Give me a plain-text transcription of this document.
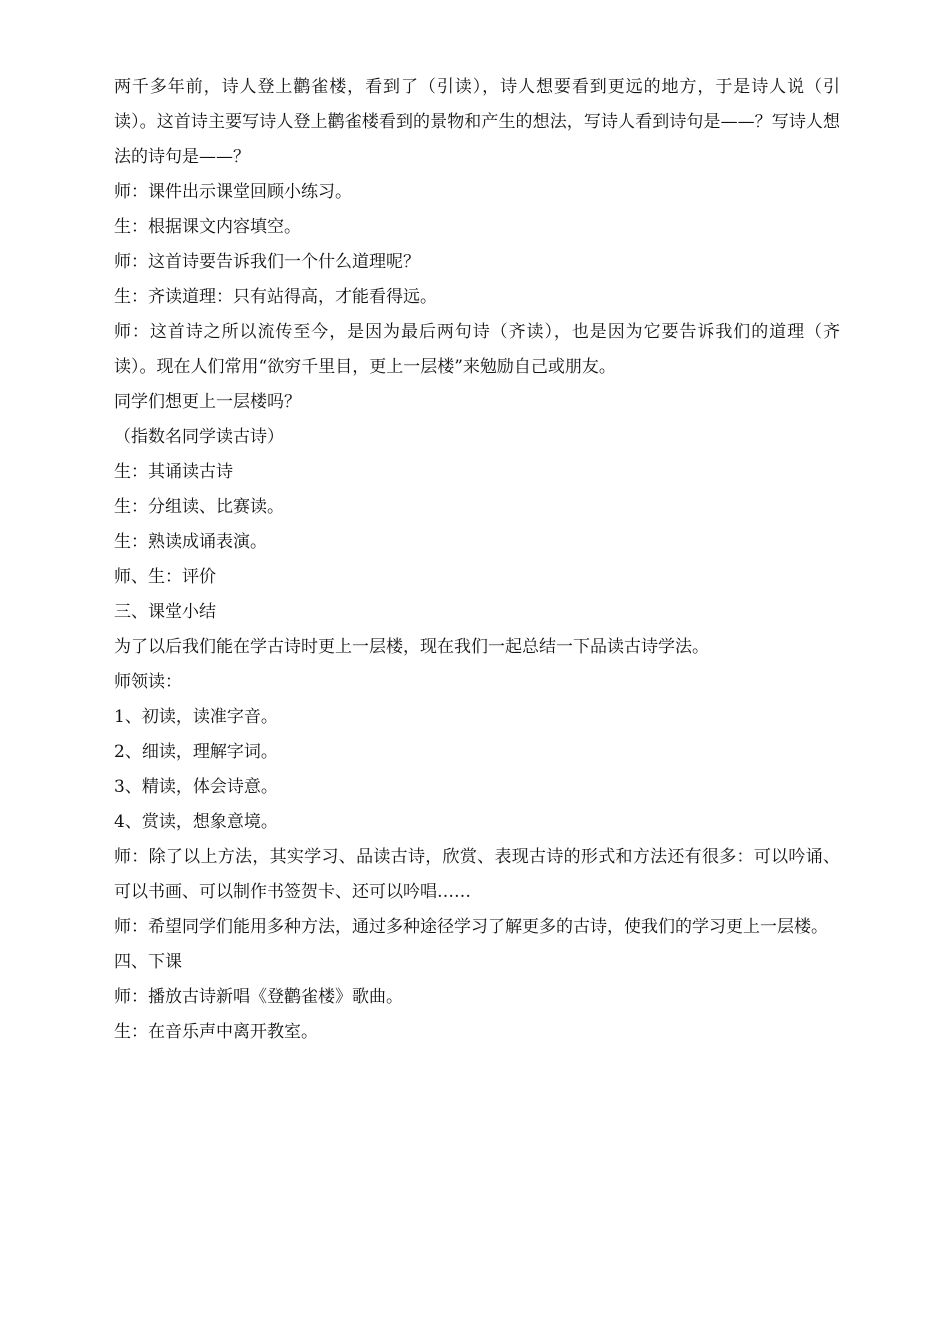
两千多年前，诗人登上鹳雀楼，看到了（引读），诗人想要看到更远的地方，于是诗人说（引读）。这首诗主要写诗人登上鹳雀楼看到的景物和产生的想法，写诗人看到诗句是——？写诗人想法的诗句是——？

师：课件出示课堂回顾小练习。

生：根据课文内容填空。

师：这首诗要告诉我们一个什么道理呢？

生：齐读道理：只有站得高，才能看得远。

师：这首诗之所以流传至今，是因为最后两句诗（齐读），也是因为它要告诉我们的道理（齐读）。现在人们常用“欲穷千里目，更上一层楼”来勉励自己或朋友。

同学们想更上一层楼吗？

（指数名同学读古诗）

生：其诵读古诗

生：分组读、比赛读。

生：熟读成诵表演。

师、生：评价

三、课堂小结

为了以后我们能在学古诗时更上一层楼，现在我们一起总结一下品读古诗学法。

师领读：

1、初读，读准字音。

2、细读，理解字词。

3、精读，体会诗意。

4、赏读，想象意境。

师：除了以上方法，其实学习、品读古诗，欣赏、表现古诗的形式和方法还有很多：可以吟诵、可以书画、可以制作书签贺卡、还可以吟唱……

师：希望同学们能用多种方法，通过多种途径学习了解更多的古诗，使我们的学习更上一层楼。

四、下课

师：播放古诗新唱《登鹳雀楼》歌曲。

生：在音乐声中离开教室。
